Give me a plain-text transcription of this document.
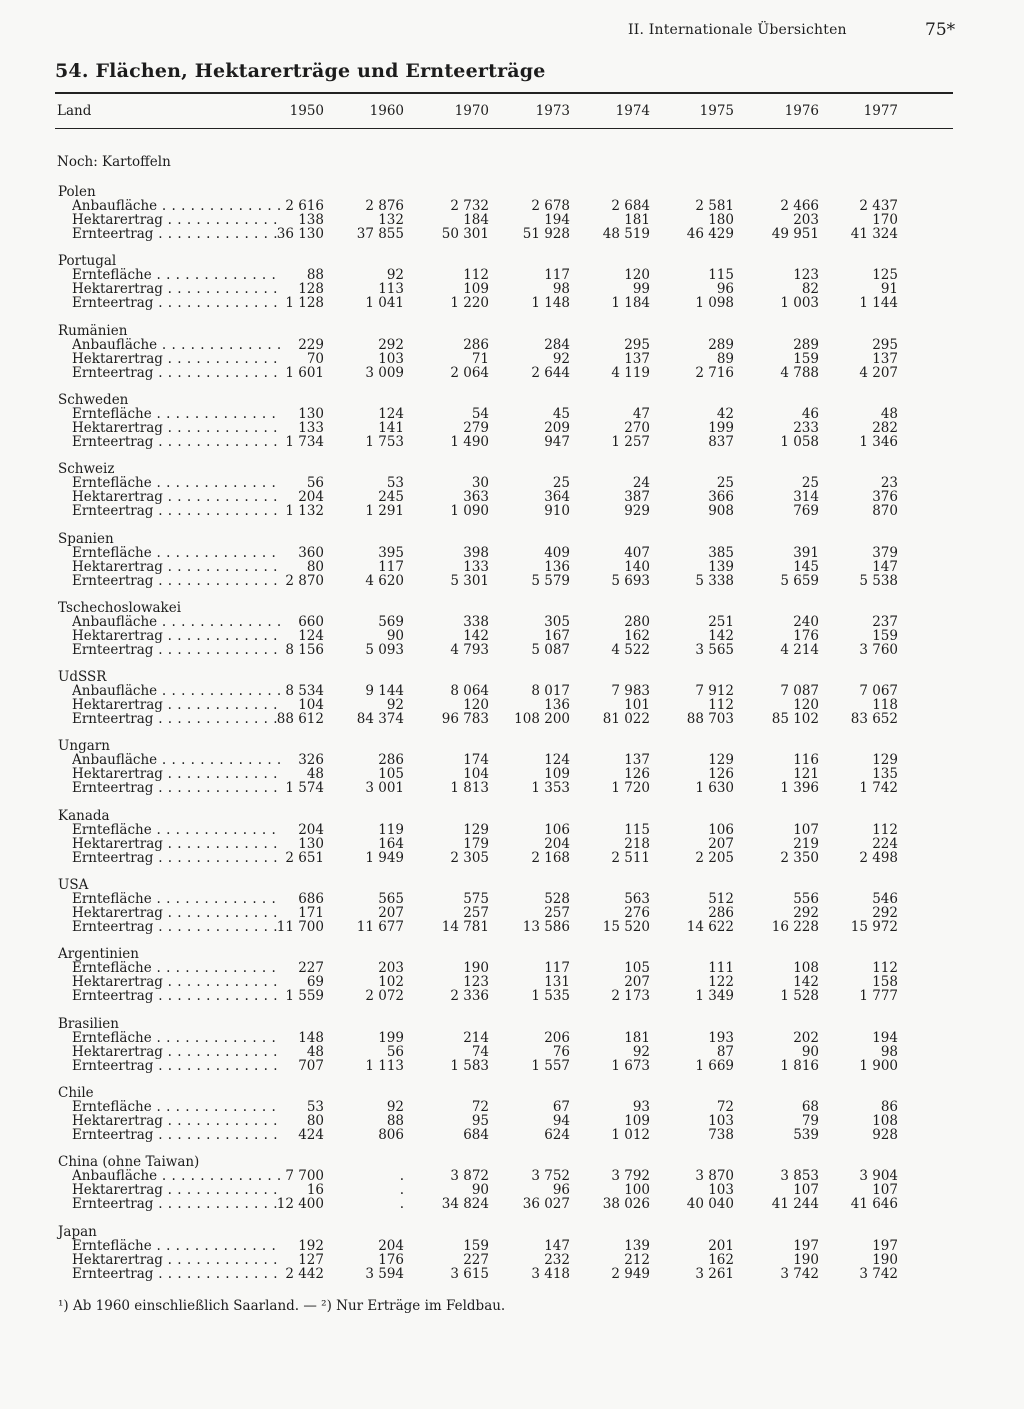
II. Internationale Übersichten	75*
54. Flächen, Hektarerträge und Ernteerträge
Land	1950	1960	1970	1973	1974	1975	1976	1977
Noch: Kartoffeln
Polen
Anbaufläche . . .	2 616	2 876	2 732	2 678	2 684	2 581	2 466	2 437
Hektarertrag . . .	138	132	184	194	181	180	203	170
Ernteertrag . . .	36 130	37 855	50 301	51 928	48 519	46 429	49 951	41 324
Portugal
Erntefläche . . .	88	92	112	117	120	115	123	125
Hektarertrag . . .	128	113	109	98	99	96	82	91
Ernteertrag . . .	1 128	1 041	1 220	1 148	1 184	1 098	1 003	1 144
Rumänien
Anbaufläche . . .	229	292	286	284	295	289	289	295
Hektarertrag . . .	70	103	71	92	137	89	159	137
Ernteertrag . . .	1 601	3 009	2 064	2 644	4 119	2 716	4 788	4 207
Schweden
Erntefläche . . .	130	124	54	45	47	42	46	48
Hektarertrag . . .	133	141	279	209	270	199	233	282
Ernteertrag . . .	1 734	1 753	1 490	947	1 257	837	1 058	1 346
Schweiz
Erntefläche . . .	56	53	30	25	24	25	25	23
Hektarertrag . . .	204	245	363	364	387	366	314	376
Ernteertrag . . .	1 132	1 291	1 090	910	929	908	769	870
Spanien
Erntefläche . . .	360	395	398	409	407	385	391	379
Hektarertrag . . .	80	117	133	136	140	139	145	147
Ernteertrag . . .	2 870	4 620	5 301	5 579	5 693	5 338	5 659	5 538
Tschechoslowakei
Anbaufläche . . .	660	569	338	305	280	251	240	237
Hektarertrag . . .	124	90	142	167	162	142	176	159
Ernteertrag . . .	8 156	5 093	4 793	5 087	4 522	3 565	4 214	3 760
UdSSR
Anbaufläche . . .	8 534	9 144	8 064	8 017	7 983	7 912	7 087	7 067
Hektarertrag . . .	104	92	120	136	101	112	120	118
Ernteertrag . . .	88 612	84 374	96 783	108 200	81 022	88 703	85 102	83 652
Ungarn
Anbaufläche . . .	326	286	174	124	137	129	116	129
Hektarertrag . . .	48	105	104	109	126	126	121	135
Ernteertrag . . .	1 574	3 001	1 813	1 353	1 720	1 630	1 396	1 742
Kanada
Erntefläche . . .	204	119	129	106	115	106	107	112
Hektarertrag . . .	130	164	179	204	218	207	219	224
Ernteertrag . . .	2 651	1 949	2 305	2 168	2 511	2 205	2 350	2 498
USA
Erntefläche . . .	686	565	575	528	563	512	556	546
Hektarertrag . . .	171	207	257	257	276	286	292	292
Ernteertrag . . .	11 700	11 677	14 781	13 586	15 520	14 622	16 228	15 972
Argentinien
Erntefläche . . .	227	203	190	117	105	111	108	112
Hektarertrag . . .	69	102	123	131	207	122	142	158
Ernteertrag . . .	1 559	2 072	2 336	1 535	2 173	1 349	1 528	1 777
Brasilien
Erntefläche . . .	148	199	214	206	181	193	202	194
Hektarertrag . . .	48	56	74	76	92	87	90	98
Ernteertrag . . .	707	1 113	1 583	1 557	1 673	1 669	1 816	1 900
Chile
Erntefläche . . .	53	92	72	67	93	72	68	86
Hektarertrag . . .	80	88	95	94	109	103	79	108
Ernteertrag . . .	424	806	684	624	1 012	738	539	928
China (ohne Taiwan)
Anbaufläche . . .	7 700	.	3 872	3 752	3 792	3 870	3 853	3 904
Hektarertrag . . .	16	.	90	96	100	103	107	107
Ernteertrag . . .	12 400	.	34 824	36 027	38 026	40 040	41 244	41 646
Japan
Erntefläche . . .	192	204	159	147	139	201	197	197
Hektarertrag . . .	127	176	227	232	212	162	190	190
Ernteertrag . . .	2 442	3 594	3 615	3 418	2 949	3 261	3 742	3 742
¹) Ab 1960 einschließlich Saarland. — ²) Nur Erträge im Feldbau.
